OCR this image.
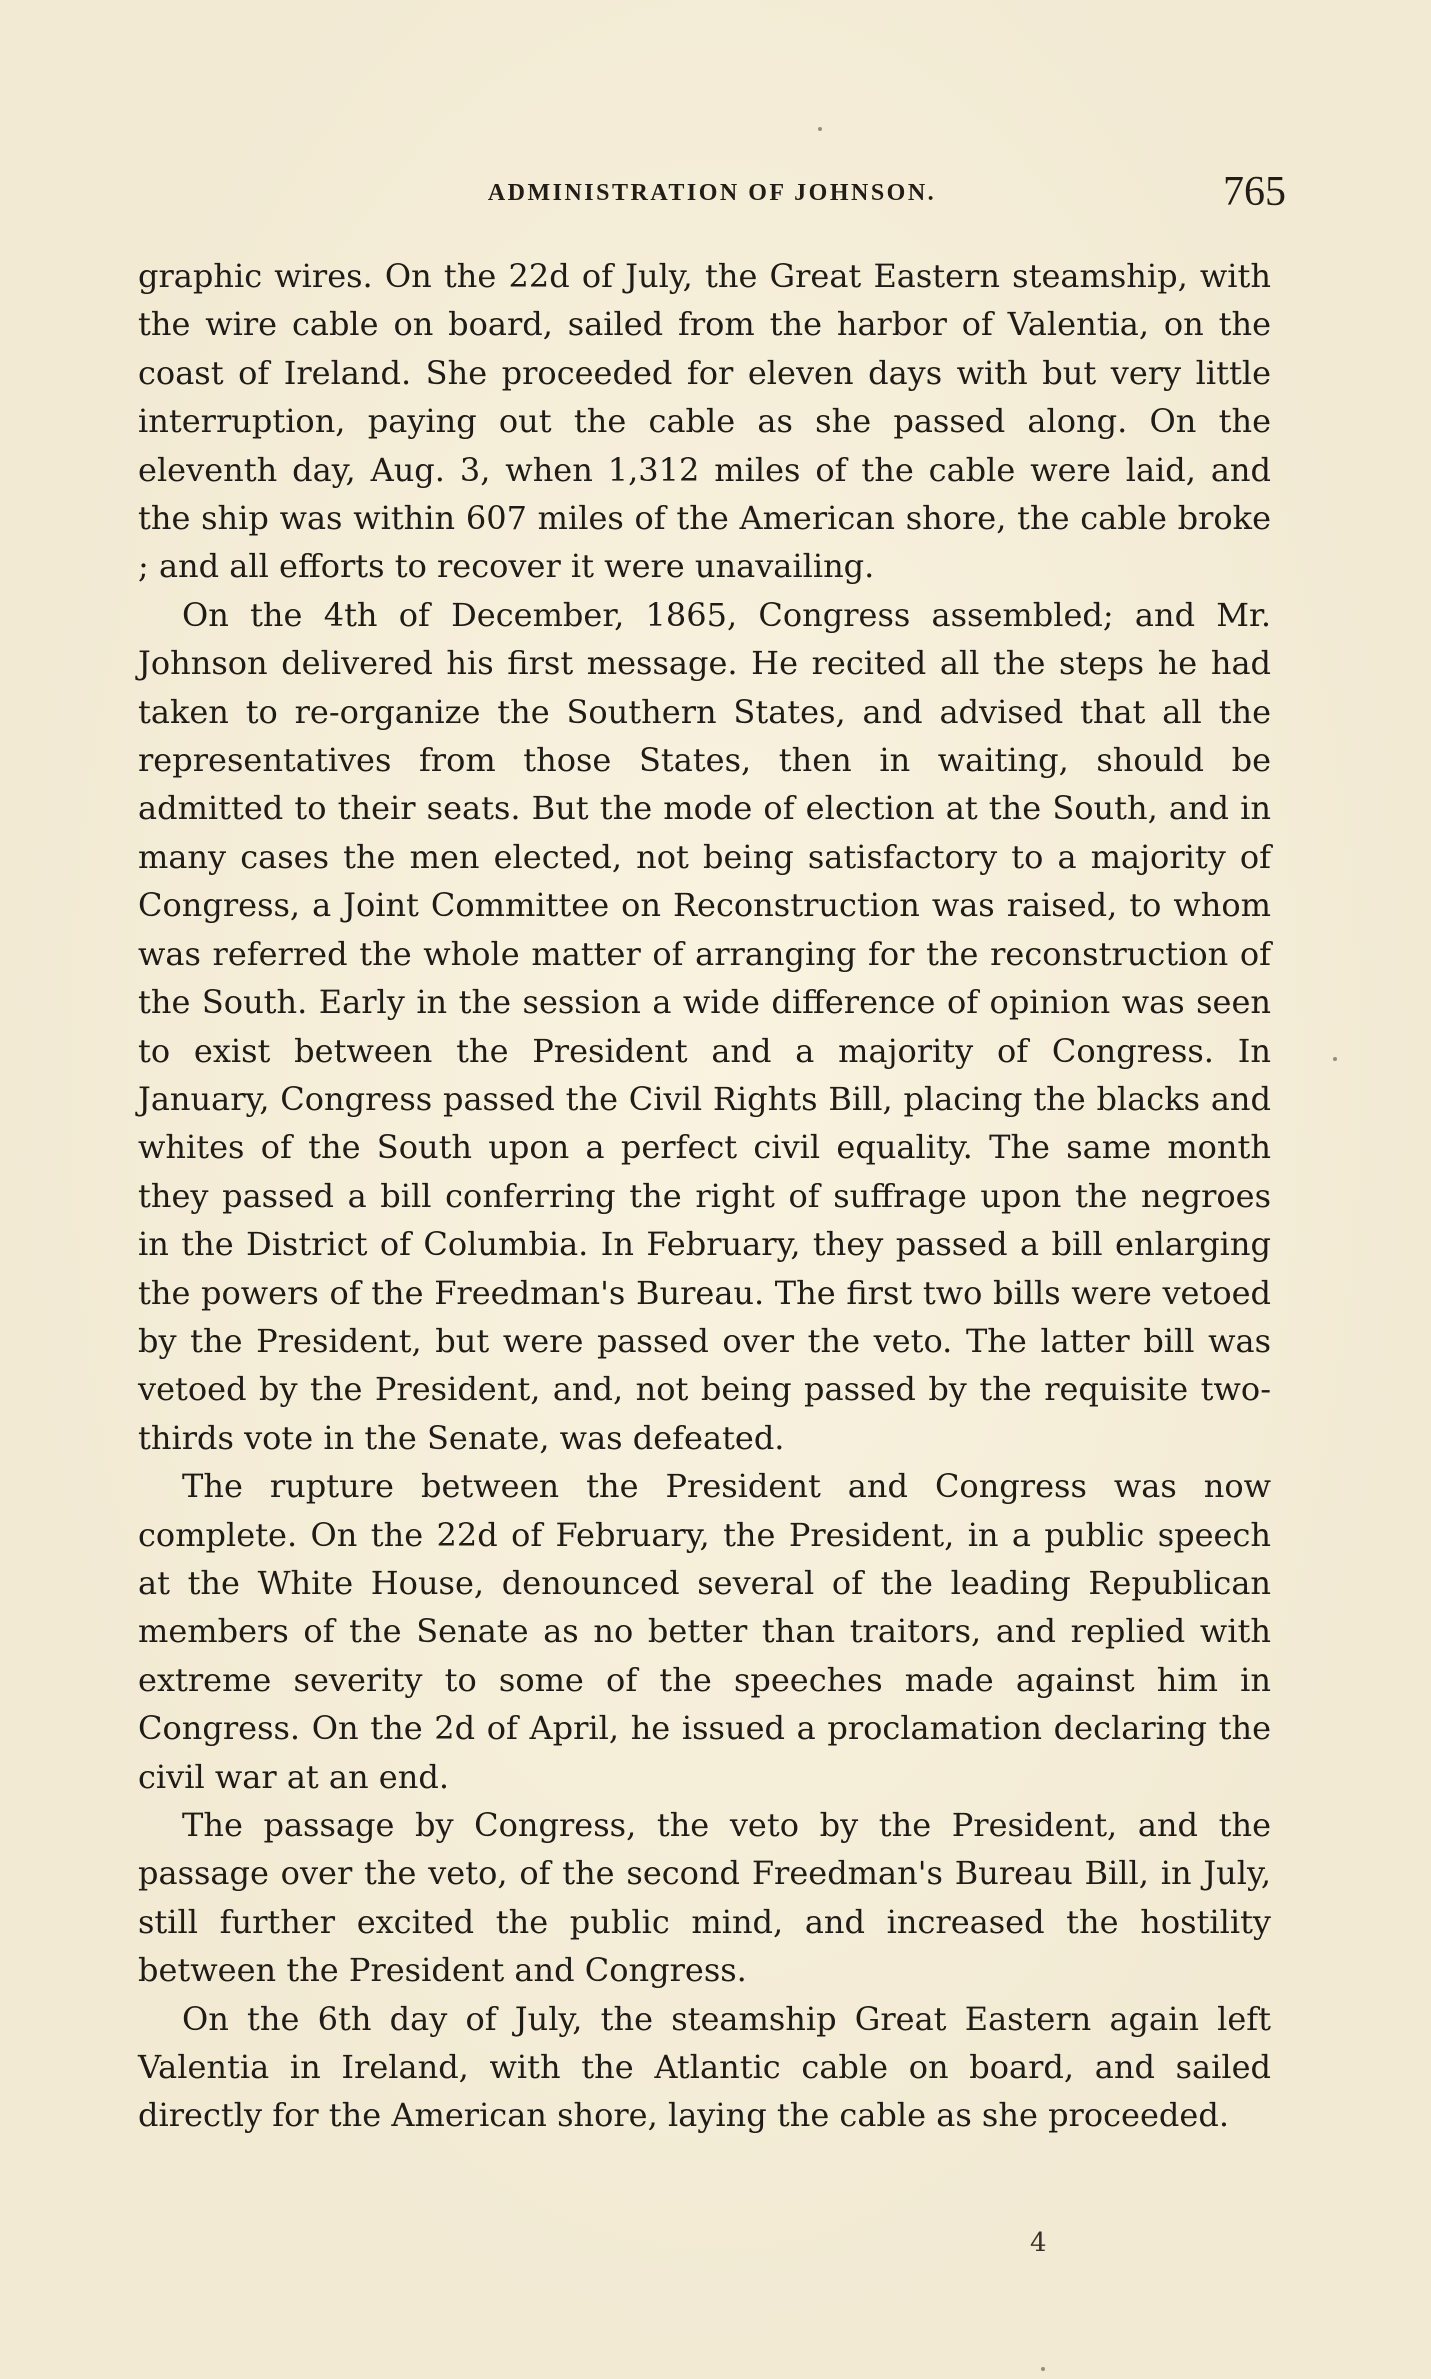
ADMINISTRATION OF JOHNSON.	765

graphic wires. On the 22d of July, the Great Eastern steamship, with the wire cable on board, sailed from the harbor of Valentia, on the coast of Ireland. She proceeded for eleven days with but very little interruption, paying out the cable as she passed along. On the eleventh day, Aug. 3, when 1,312 miles of the cable were laid, and the ship was within 607 miles of the American shore, the cable broke ; and all efforts to recover it were unavailing.

On the 4th of December, 1865, Congress assembled; and Mr. Johnson delivered his first message. He recited all the steps he had taken to re-organize the Southern States, and advised that all the representatives from those States, then in waiting, should be admitted to their seats. But the mode of election at the South, and in many cases the men elected, not being satisfactory to a majority of Congress, a Joint Committee on Reconstruction was raised, to whom was referred the whole matter of arranging for the reconstruction of the South. Early in the session a wide difference of opinion was seen to exist between the President and a majority of Congress. In January, Congress passed the Civil Rights Bill, placing the blacks and whites of the South upon a perfect civil equality. The same month they passed a bill conferring the right of suffrage upon the negroes in the District of Columbia. In February, they passed a bill enlarging the powers of the Freedman's Bureau. The first two bills were vetoed by the President, but were passed over the veto. The latter bill was vetoed by the President, and, not being passed by the requisite two-thirds vote in the Senate, was defeated.

The rupture between the President and Congress was now complete. On the 22d of February, the President, in a public speech at the White House, denounced several of the leading Republican members of the Senate as no better than traitors, and replied with extreme severity to some of the speeches made against him in Congress. On the 2d of April, he issued a proclamation declaring the civil war at an end.

The passage by Congress, the veto by the President, and the passage over the veto, of the second Freedman's Bureau Bill, in July, still further excited the public mind, and increased the hostility between the President and Congress.

On the 6th day of July, the steamship Great Eastern again left Valentia in Ireland, with the Atlantic cable on board, and sailed directly for the American shore, laying the cable as she proceeded.

4
